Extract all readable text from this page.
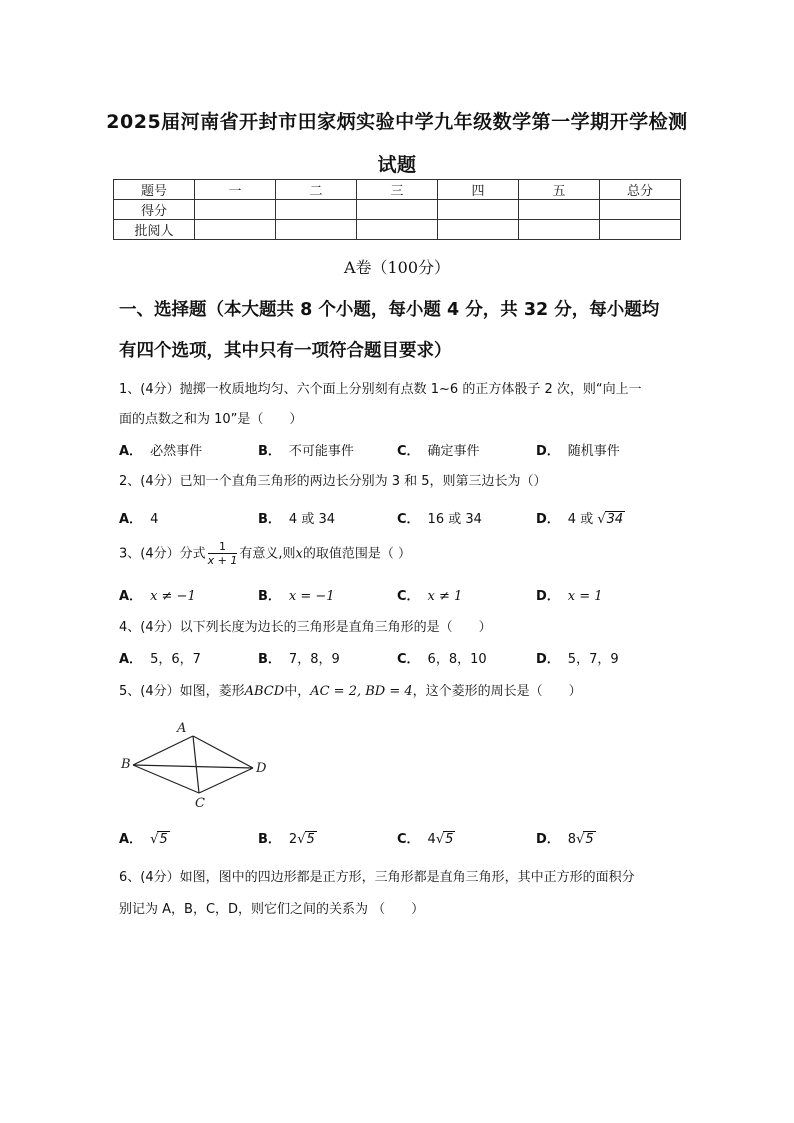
2025届河南省开封市田家炳实验中学九年级数学第一学期开学检测
试题
题号	一	二	三	四	五	总分
得分						
批阅人						
A卷（100分）
一、选择题（本大题共 8 个小题，每小题 4 分，共 32 分，每小题均
有四个选项，其中只有一项符合题目要求）
1、(4分）抛掷一枚质地均匀、六个面上分别刻有点数 1~6 的正方体骰子 2 次，则“向上一
面的点数之和为 10”是（　　）
A． 必然事件	B． 不可能事件	C． 确定事件	D． 随机事件
2、(4分）已知一个直角三角形的两边长分别为 3 和 5，则第三边长为（）
A． 4	B． 4 或 34	C． 16 或 34	D． 4 或 √34
3、(4分）分式 $\frac{1}{x + 1}$ 有意义,则x的取值范围是（ ）
A． x ≠ −1	B． x = −1	C． x ≠ 1	D． x = 1
4、(4分）以下列长度为边长的三角形是直角三角形的是（　　）
A． 5，6，7	B． 7，8，9	C． 6，8，10	D． 5，7，9
5、(4分）如图，菱形ABCD中，AC = 2, BD = 4，这个菱形的周长是（　　）
A
B
C
D
A． √5	B． 2√5	C． 4√5	D． 8√5
6、(4分）如图，图中的四边形都是正方形，三角形都是直角三角形，其中正方形的面积分
别记为 A，B，C，D，则它们之间的关系为 （　　）
